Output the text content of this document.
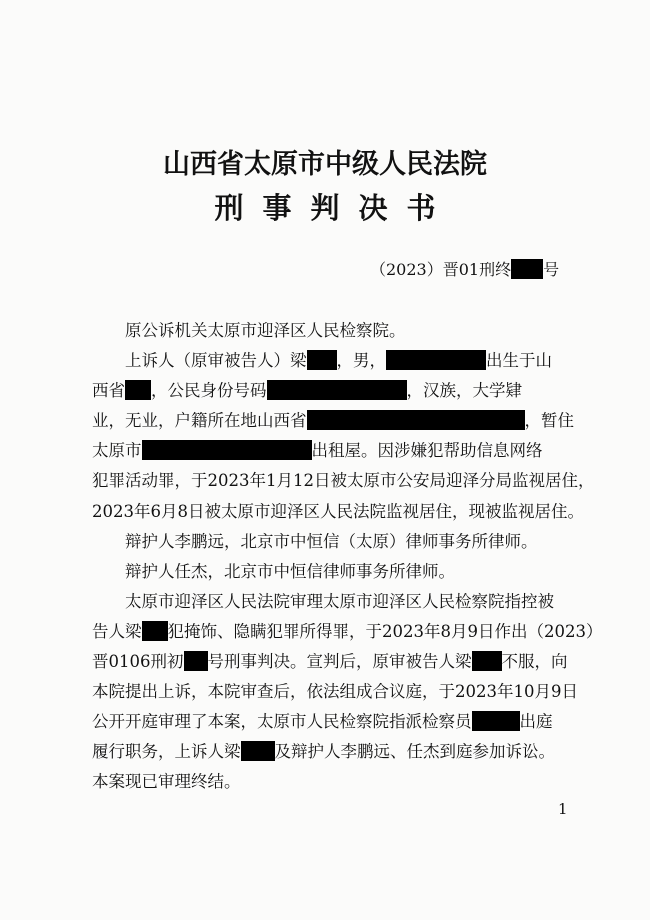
山西省太原市中级人民法院
刑事判决书
（2023）晋01刑终 号
原公诉机关太原市迎泽区人民检察院。
上诉人（原审被告人）梁 ，男，	出生于山
西省 ，公民身份号码	，汉族，大学肄
业，无业，户籍所在地山西省	，暂住
太原市	出租屋。因涉嫌犯帮助信息网络
犯罪活动罪，于2023年1月12日被太原市公安局迎泽分局监视居住，
2023年6月8日被太原市迎泽区人民法院监视居住，现被监视居住。
辩护人李鹏远，北京市中恒信（太原）律师事务所律师。
辩护人任杰，北京市中恒信律师事务所律师。
太原市迎泽区人民法院审理太原市迎泽区人民检察院指控被
告人梁 犯掩饰、隐瞒犯罪所得罪，于2023年8月9日作出（2023）
晋0106刑初 号刑事判决。宣判后，原审被告人梁 不服，向
本院提出上诉，本院审查后，依法组成合议庭，于2023年10月9日
公开开庭审理了本案，太原市人民检察院指派检察员	出庭
履行职务，上诉人梁 及辩护人李鹏远、任杰到庭参加诉讼。
本案现已审理终结。
1
